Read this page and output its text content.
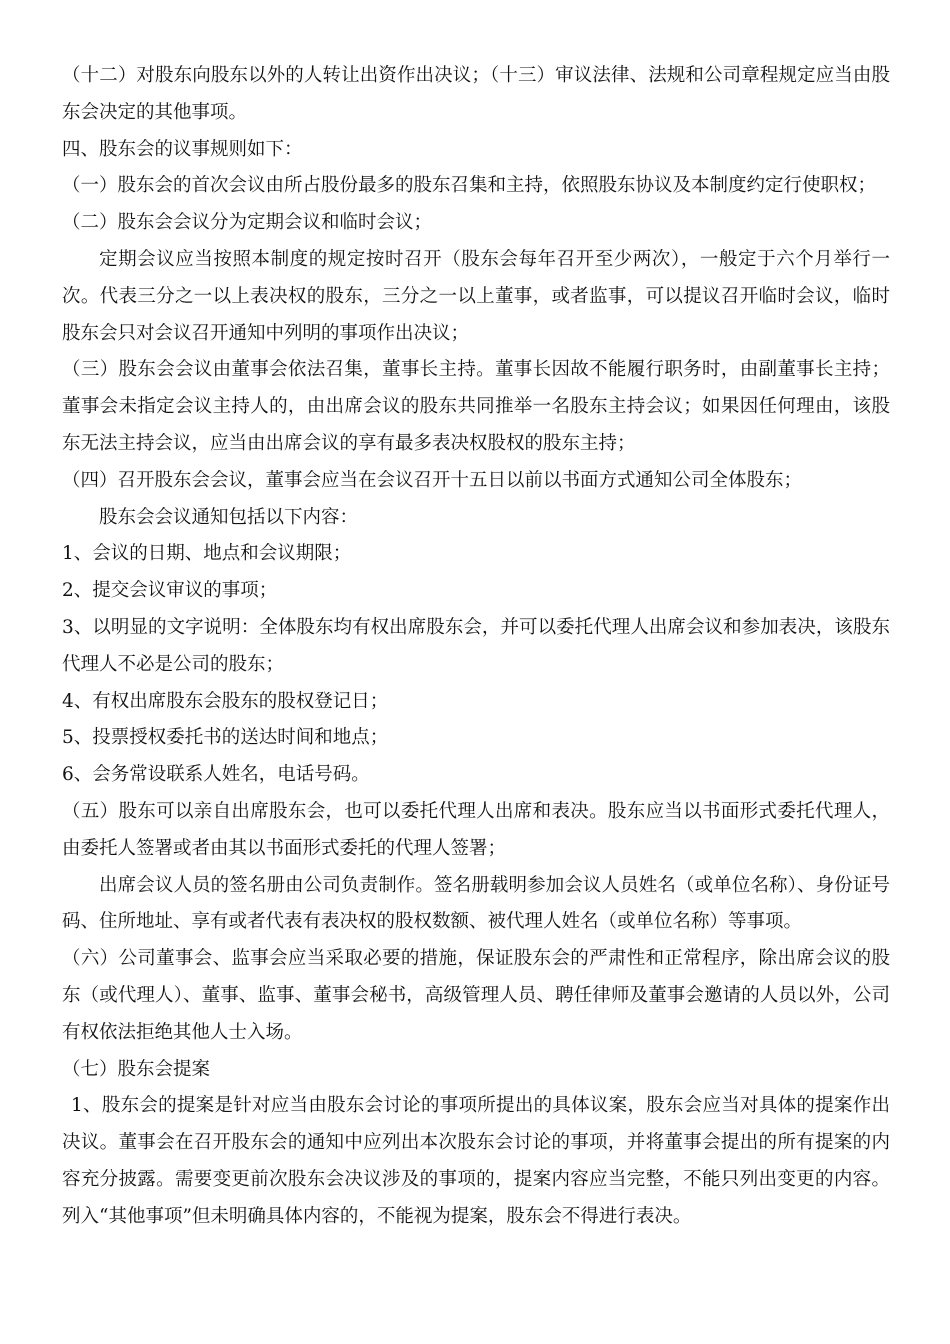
（十二）对股东向股东以外的人转让出资作出决议；（十三）审议法律、法规和公司章程规定应当由股东会决定的其他事项。

四、股东会的议事规则如下：

（一）股东会的首次会议由所占股份最多的股东召集和主持，依照股东协议及本制度约定行使职权；

（二）股东会会议分为定期会议和临时会议；

定期会议应当按照本制度的规定按时召开（股东会每年召开至少两次），一般定于六个月举行一次。代表三分之一以上表决权的股东，三分之一以上董事，或者监事，可以提议召开临时会议，临时股东会只对会议召开通知中列明的事项作出决议；

（三）股东会会议由董事会依法召集，董事长主持。董事长因故不能履行职务时，由副董事长主持；董事会未指定会议主持人的，由出席会议的股东共同推举一名股东主持会议；如果因任何理由，该股东无法主持会议，应当由出席会议的享有最多表决权股权的股东主持；

（四）召开股东会会议，董事会应当在会议召开十五日以前以书面方式通知公司全体股东；

股东会会议通知包括以下内容：

1、会议的日期、地点和会议期限；

2、提交会议审议的事项；

3、以明显的文字说明：全体股东均有权出席股东会，并可以委托代理人出席会议和参加表决，该股东代理人不必是公司的股东；

4、有权出席股东会股东的股权登记日；

5、投票授权委托书的送达时间和地点；

6、会务常设联系人姓名，电话号码。

（五）股东可以亲自出席股东会，也可以委托代理人出席和表决。股东应当以书面形式委托代理人，由委托人签署或者由其以书面形式委托的代理人签署；

出席会议人员的签名册由公司负责制作。签名册载明参加会议人员姓名（或单位名称）、身份证号码、住所地址、享有或者代表有表决权的股权数额、被代理人姓名（或单位名称）等事项。

（六）公司董事会、监事会应当采取必要的措施，保证股东会的严肃性和正常程序，除出席会议的股东（或代理人）、董事、监事、董事会秘书，高级管理人员、聘任律师及董事会邀请的人员以外，公司有权依法拒绝其他人士入场。

（七）股东会提案

1、股东会的提案是针对应当由股东会讨论的事项所提出的具体议案，股东会应当对具体的提案作出决议。董事会在召开股东会的通知中应列出本次股东会讨论的事项，并将董事会提出的所有提案的内容充分披露。需要变更前次股东会决议涉及的事项的，提案内容应当完整，不能只列出变更的内容。列入“其他事项”但未明确具体内容的，不能视为提案，股东会不得进行表决。
